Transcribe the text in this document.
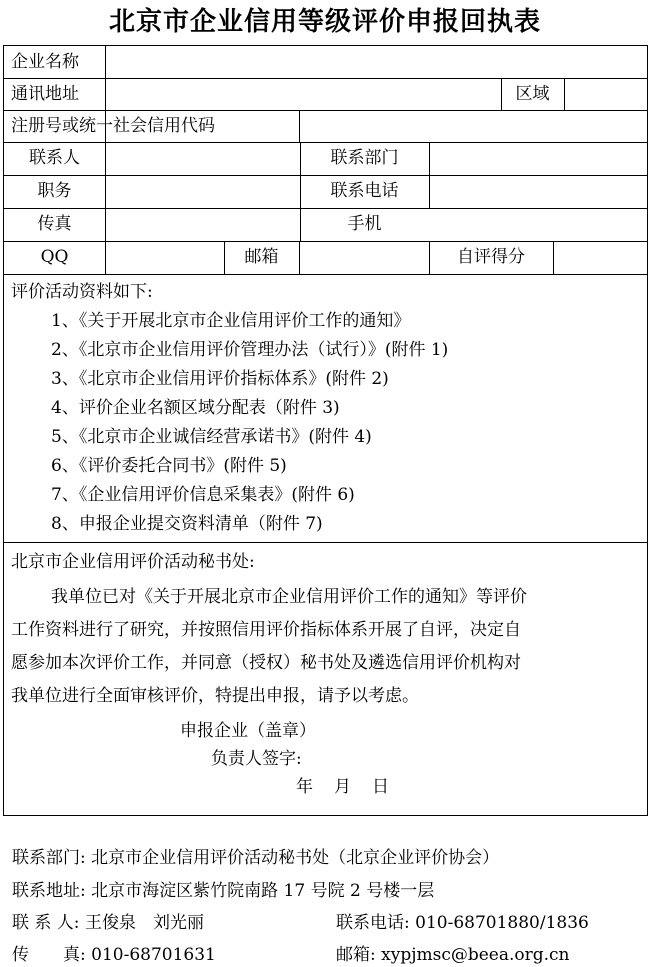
北京市企业信用等级评价申报回执表
企业名称
通讯地址	区域
注册号或统一社会信用代码
联系人	联系部门
职务	联系电话
传真	手机
QQ	邮箱	自评得分
评价活动资料如下:
1、《关于开展北京市企业信用评价工作的通知》
2、《北京市企业信用评价管理办法（试行）》(附件 1)
3、《北京市企业信用评价指标体系》(附件 2)
4、评价企业名额区域分配表（附件 3)
5、《北京市企业诚信经营承诺书》(附件 4)
6、《评价委托合同书》(附件 5)
7、《企业信用评价信息采集表》(附件 6)
8、申报企业提交资料清单（附件 7)
北京市企业信用评价活动秘书处:
我单位已对《关于开展北京市企业信用评价工作的通知》等评价
工作资料进行了研究，并按照信用评价指标体系开展了自评，决定自
愿参加本次评价工作，并同意（授权）秘书处及遴选信用评价机构对
我单位进行全面审核评价，特提出申报，请予以考虑。
申报企业（盖章）
负责人签字:
年　月　日
联系部门: 北京市企业信用评价活动秘书处（北京企业评价协会）
联系地址: 北京市海淀区紫竹院南路 17 号院 2 号楼一层
联 系 人: 王俊泉　刘光丽	联系电话: 010-68701880/1836
传　　真: 010-68701631	邮箱: xypjmsc@beea.org.cn
